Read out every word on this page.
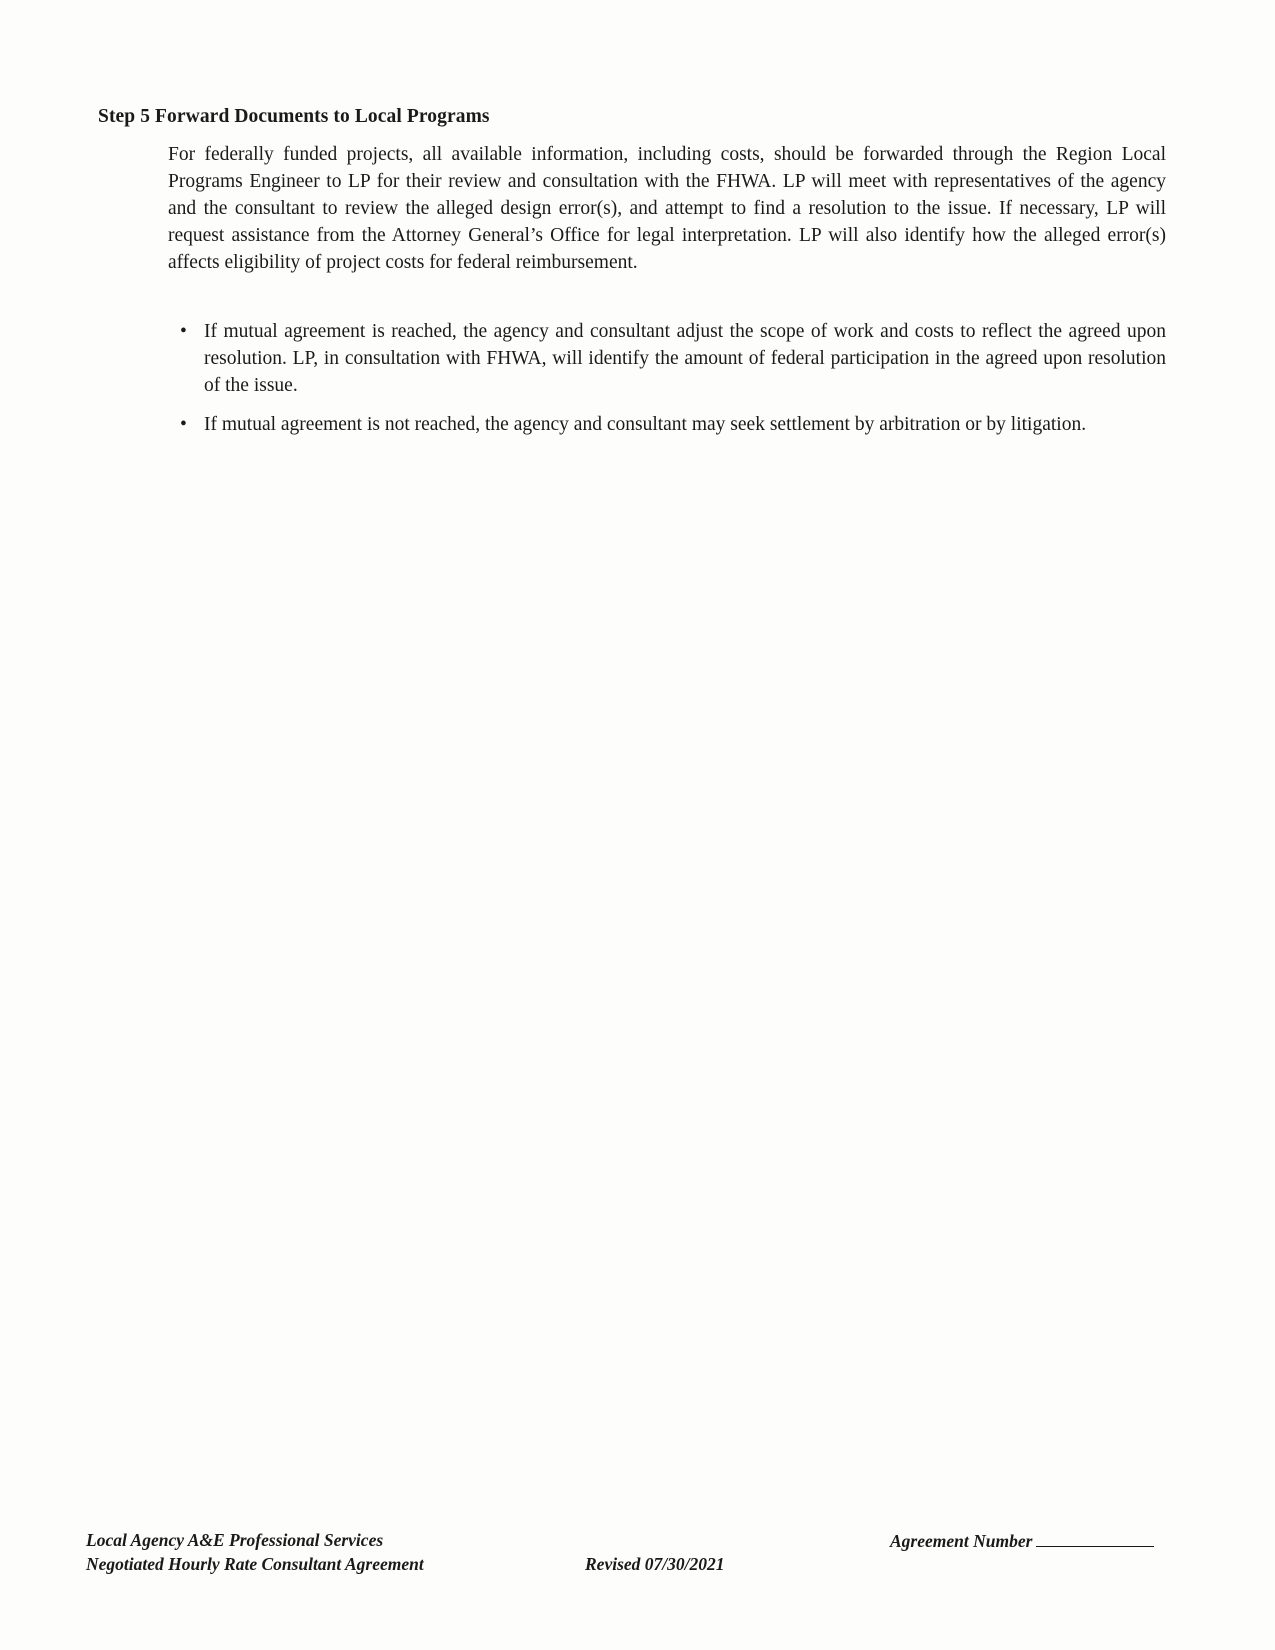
Step 5 Forward Documents to Local Programs

For federally funded projects, all available information, including costs, should be forwarded through the Region Local Programs Engineer to LP for their review and consultation with the FHWA. LP will meet with representatives of the agency and the consultant to review the alleged design error(s), and attempt to find a resolution to the issue. If necessary, LP will request assistance from the Attorney General’s Office for legal interpretation. LP will also identify how the alleged error(s) affects eligibility of project costs for federal reimbursement.

• If mutual agreement is reached, the agency and consultant adjust the scope of work and costs to reflect the agreed upon resolution. LP, in consultation with FHWA, will identify the amount of federal participation in the agreed upon resolution of the issue.
• If mutual agreement is not reached, the agency and consultant may seek settlement by arbitration or by litigation.
Local Agency A&E Professional Services
Negotiated Hourly Rate Consultant Agreement	Revised 07/30/2021
Agreement Number
